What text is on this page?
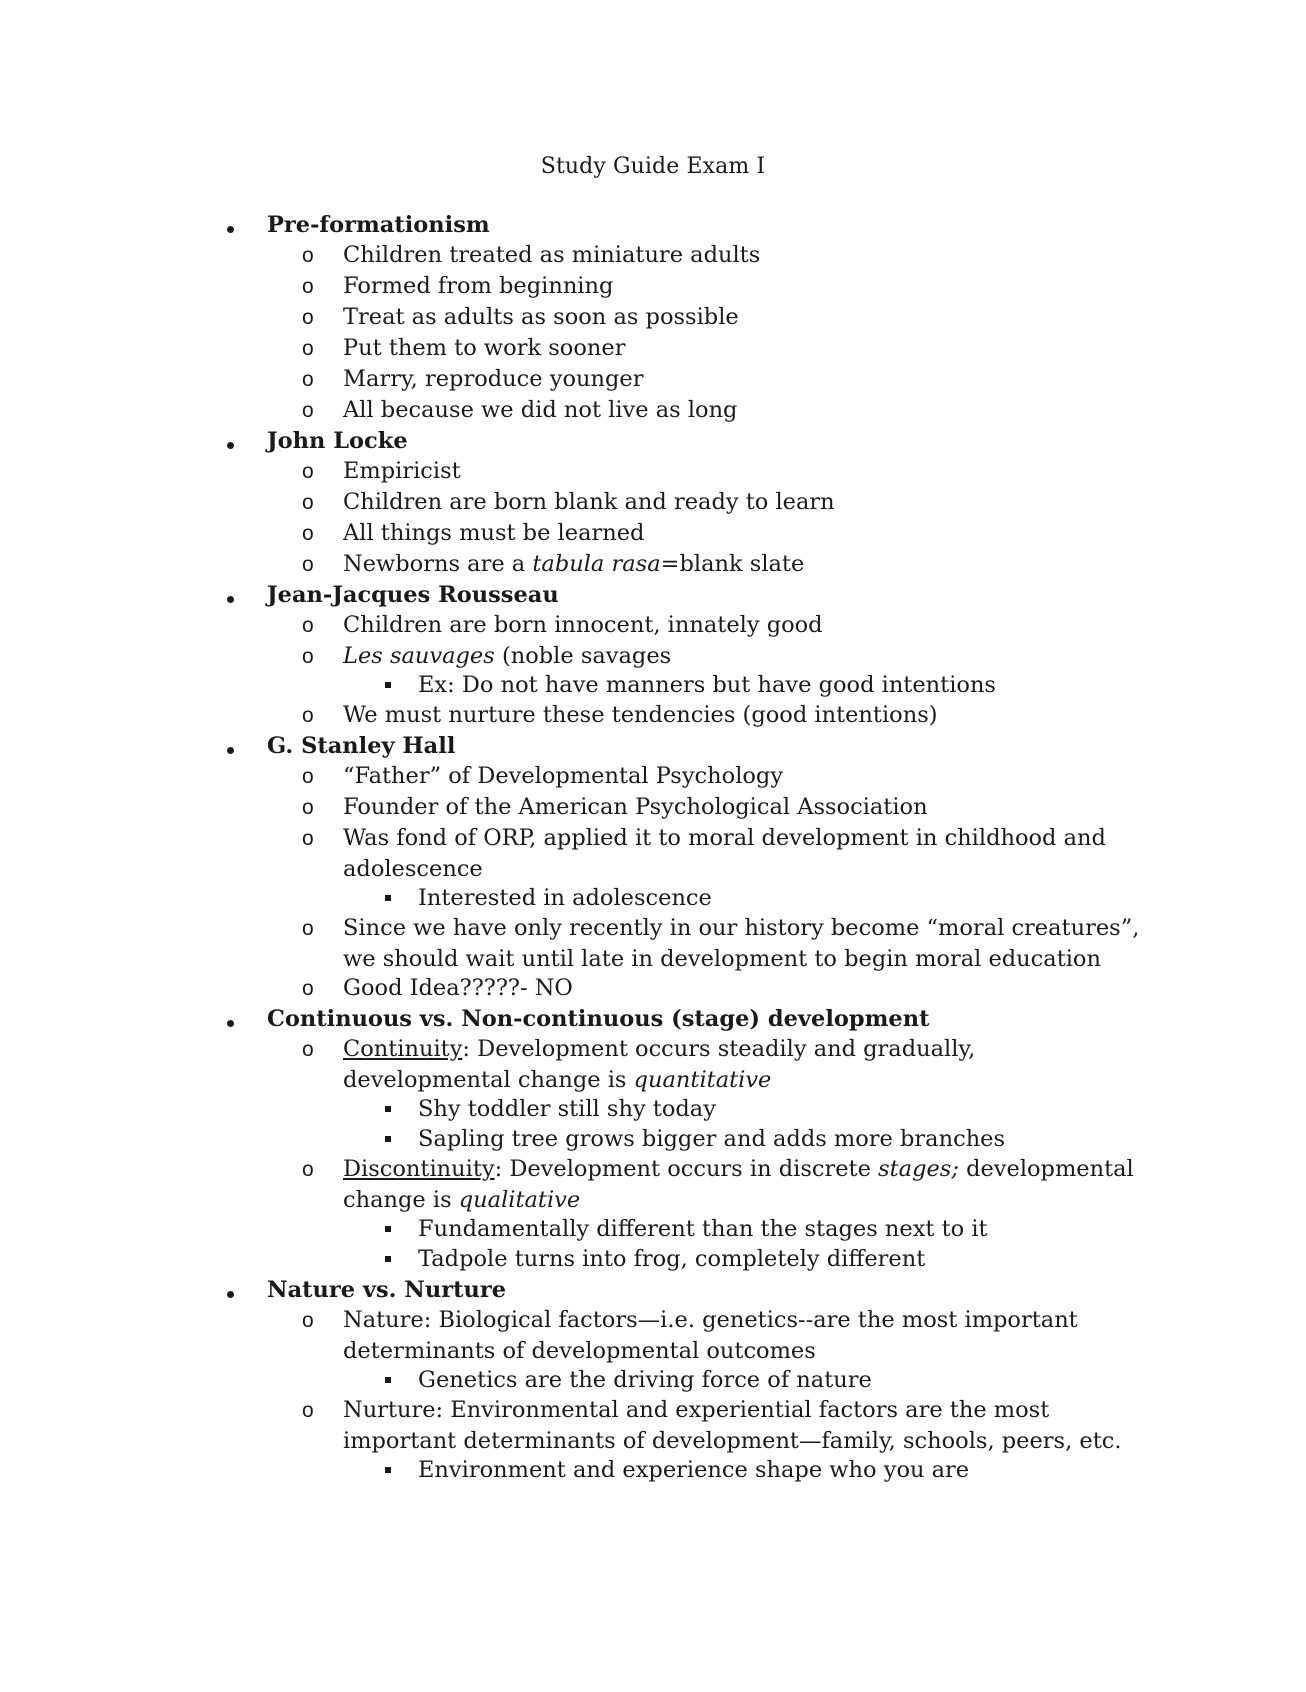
Study Guide Exam I
Pre-formationism
o Children treated as miniature adults
o Formed from beginning
o Treat as adults as soon as possible
o Put them to work sooner
o Marry, reproduce younger
o All because we did not live as long
John Locke
o Empiricist
o Children are born blank and ready to learn
o All things must be learned
o Newborns are a tabula rasa=blank slate
Jean-Jacques Rousseau
o Children are born innocent, innately good
o Les sauvages (noble savages
Ex: Do not have manners but have good intentions
o We must nurture these tendencies (good intentions)
G. Stanley Hall
o “Father” of Developmental Psychology
o Founder of the American Psychological Association
o Was fond of ORP, applied it to moral development in childhood and
adolescence
Interested in adolescence
o Since we have only recently in our history become “moral creatures”,
we should wait until late in development to begin moral education
o Good Idea?????- NO
Continuous vs. Non-continuous (stage) development
o Continuity: Development occurs steadily and gradually,
developmental change is quantitative
Shy toddler still shy today
Sapling tree grows bigger and adds more branches
o Discontinuity: Development occurs in discrete stages; developmental
change is qualitative
Fundamentally different than the stages next to it
Tadpole turns into frog, completely different
Nature vs. Nurture
o Nature: Biological factors—i.e. genetics--are the most important
determinants of developmental outcomes
Genetics are the driving force of nature
o Nurture: Environmental and experiential factors are the most
important determinants of development—family, schools, peers, etc.
Environment and experience shape who you are
